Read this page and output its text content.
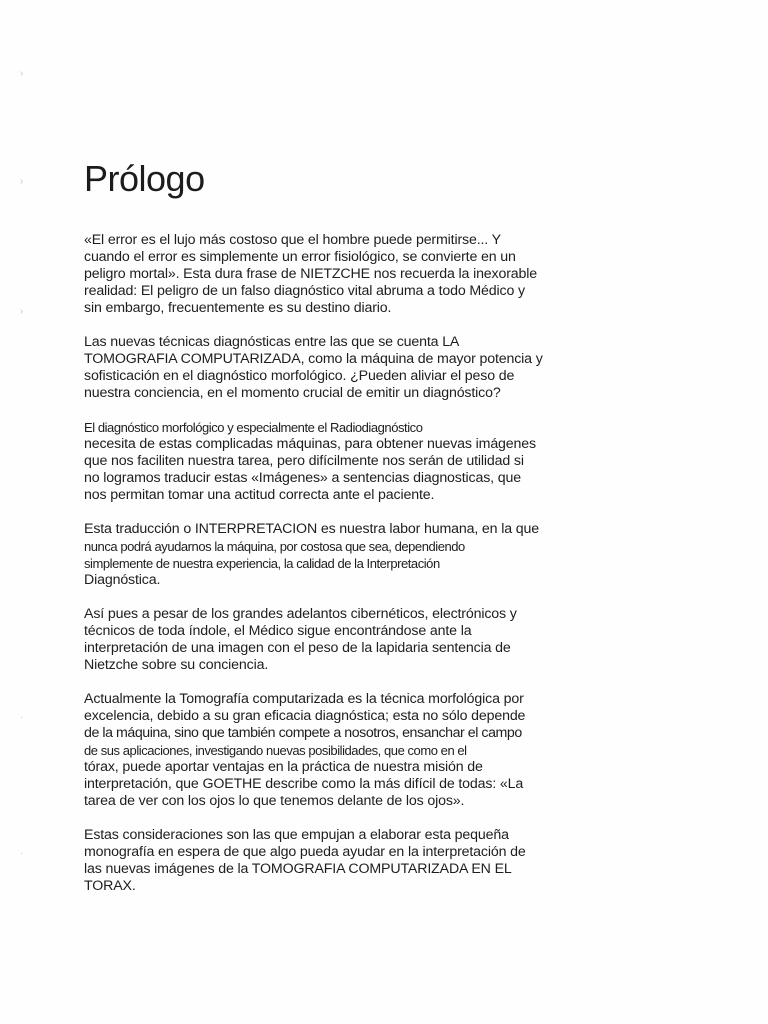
›
›
›
·
·
Prólogo

«El error es el lujo más costoso que el hombre puede permitirse... Y
cuando el error es simplemente un error fisiológico, se convierte en un
peligro mortal». Esta dura frase de NIETZCHE nos recuerda la inexorable
realidad: El peligro de un falso diagnóstico vital abruma a todo Médico y
sin embargo, frecuentemente es su destino diario.

Las nuevas técnicas diagnósticas entre las que se cuenta LA
TOMOGRAFIA COMPUTARIZADA, como la máquina de mayor potencia y
sofisticación en el diagnóstico morfológico. ¿Pueden aliviar el peso de
nuestra conciencia, en el momento crucial de emitir un diagnóstico?

El diagnóstico morfológico y especialmente el Radiodiagnóstico
necesita de estas complicadas máquinas, para obtener nuevas imágenes
que nos faciliten nuestra tarea, pero difícilmente nos serán de utilidad si
no logramos traducir estas «Imágenes» a sentencias diagnosticas, que
nos permitan tomar una actitud correcta ante el paciente.

Esta traducción o INTERPRETACION es nuestra labor humana, en la que
nunca podrá ayudarnos la máquina, por costosa que sea, dependiendo
simplemente de nuestra experiencia, la calidad de la Interpretación
Diagnóstica.

Así pues a pesar de los grandes adelantos cibernéticos, electrónicos y
técnicos de toda índole, el Médico sigue encontrándose ante la
interpretación de una imagen con el peso de la lapidaria sentencia de
Nietzche sobre su conciencia.

Actualmente la Tomografía computarizada es la técnica morfológica por
excelencia, debido a su gran eficacia diagnóstica; esta no sólo depende
de la máquina, sino que también compete a nosotros, ensanchar el campo
de sus aplicaciones, investigando nuevas posibilidades, que como en el
tórax, puede aportar ventajas en la práctica de nuestra misión de
interpretación, que GOETHE describe como la más difícil de todas: «La
tarea de ver con los ojos lo que tenemos delante de los ojos».

Estas consideraciones son las que empujan a elaborar esta pequeña
monografía en espera de que algo pueda ayudar en la interpretación de
las nuevas imágenes de la TOMOGRAFIA COMPUTARIZADA EN EL
TORAX.
